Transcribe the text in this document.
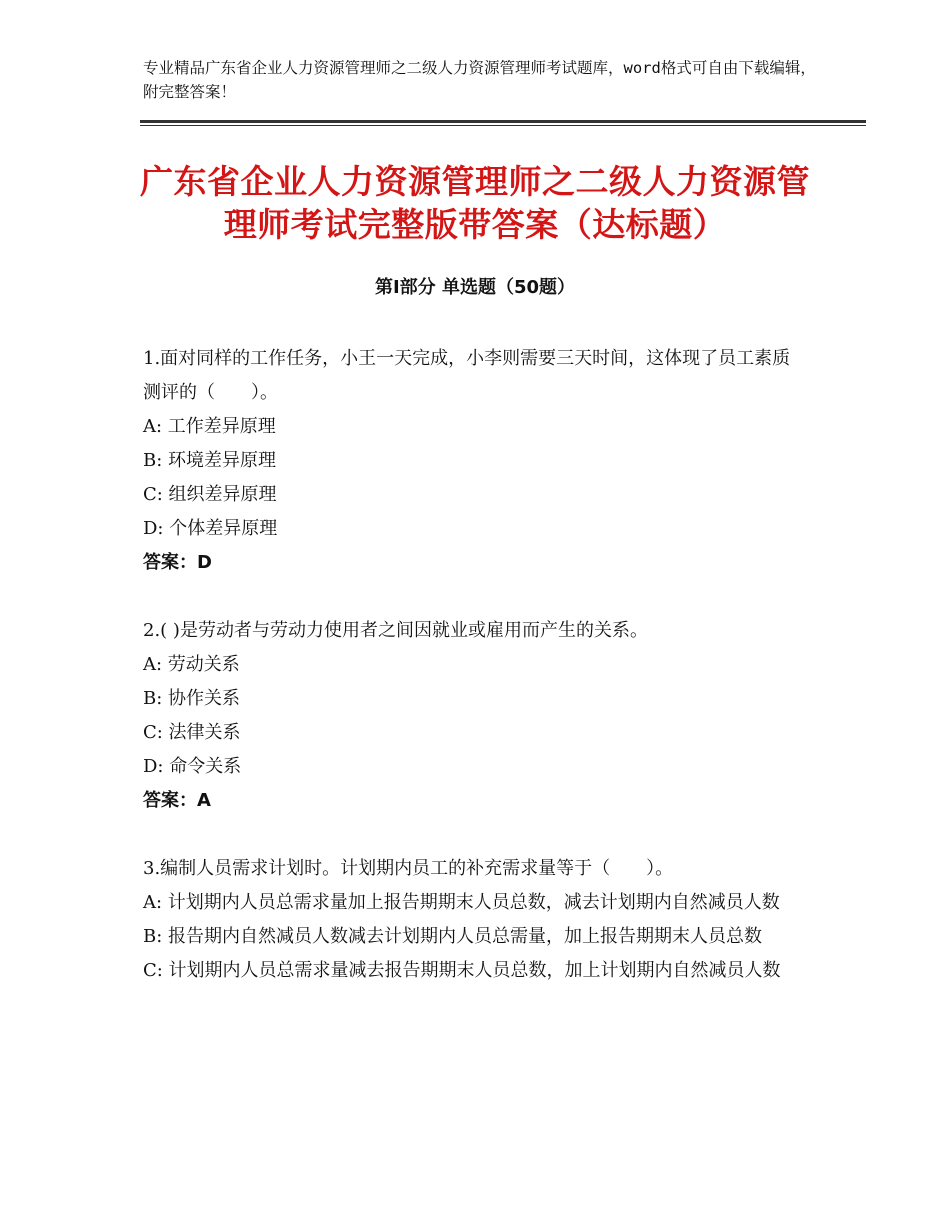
专业精品广东省企业人力资源管理师之二级人力资源管理师考试题库，word格式可自由下载编辑，附完整答案！
广东省企业人力资源管理师之二级人力资源管理师考试完整版带答案（达标题）
第I部分 单选题（50题）

1.面对同样的工作任务，小王一天完成，小李则需要三天时间，这体现了员工素质测评的（　　）。

A: 工作差异原理

B: 环境差异原理

C: 组织差异原理

D: 个体差异原理

答案：D

2.( )是劳动者与劳动力使用者之间因就业或雇用而产生的关系。

A: 劳动关系

B: 协作关系

C: 法律关系

D: 命令关系

答案：A

3.编制人员需求计划时。计划期内员工的补充需求量等于（　　）。

A: 计划期内人员总需求量加上报告期期末人员总数，减去计划期内自然减员人数

B: 报告期内自然减员人数减去计划期内人员总需量，加上报告期期末人员总数

C: 计划期内人员总需求量减去报告期期末人员总数，加上计划期内自然减员人数
